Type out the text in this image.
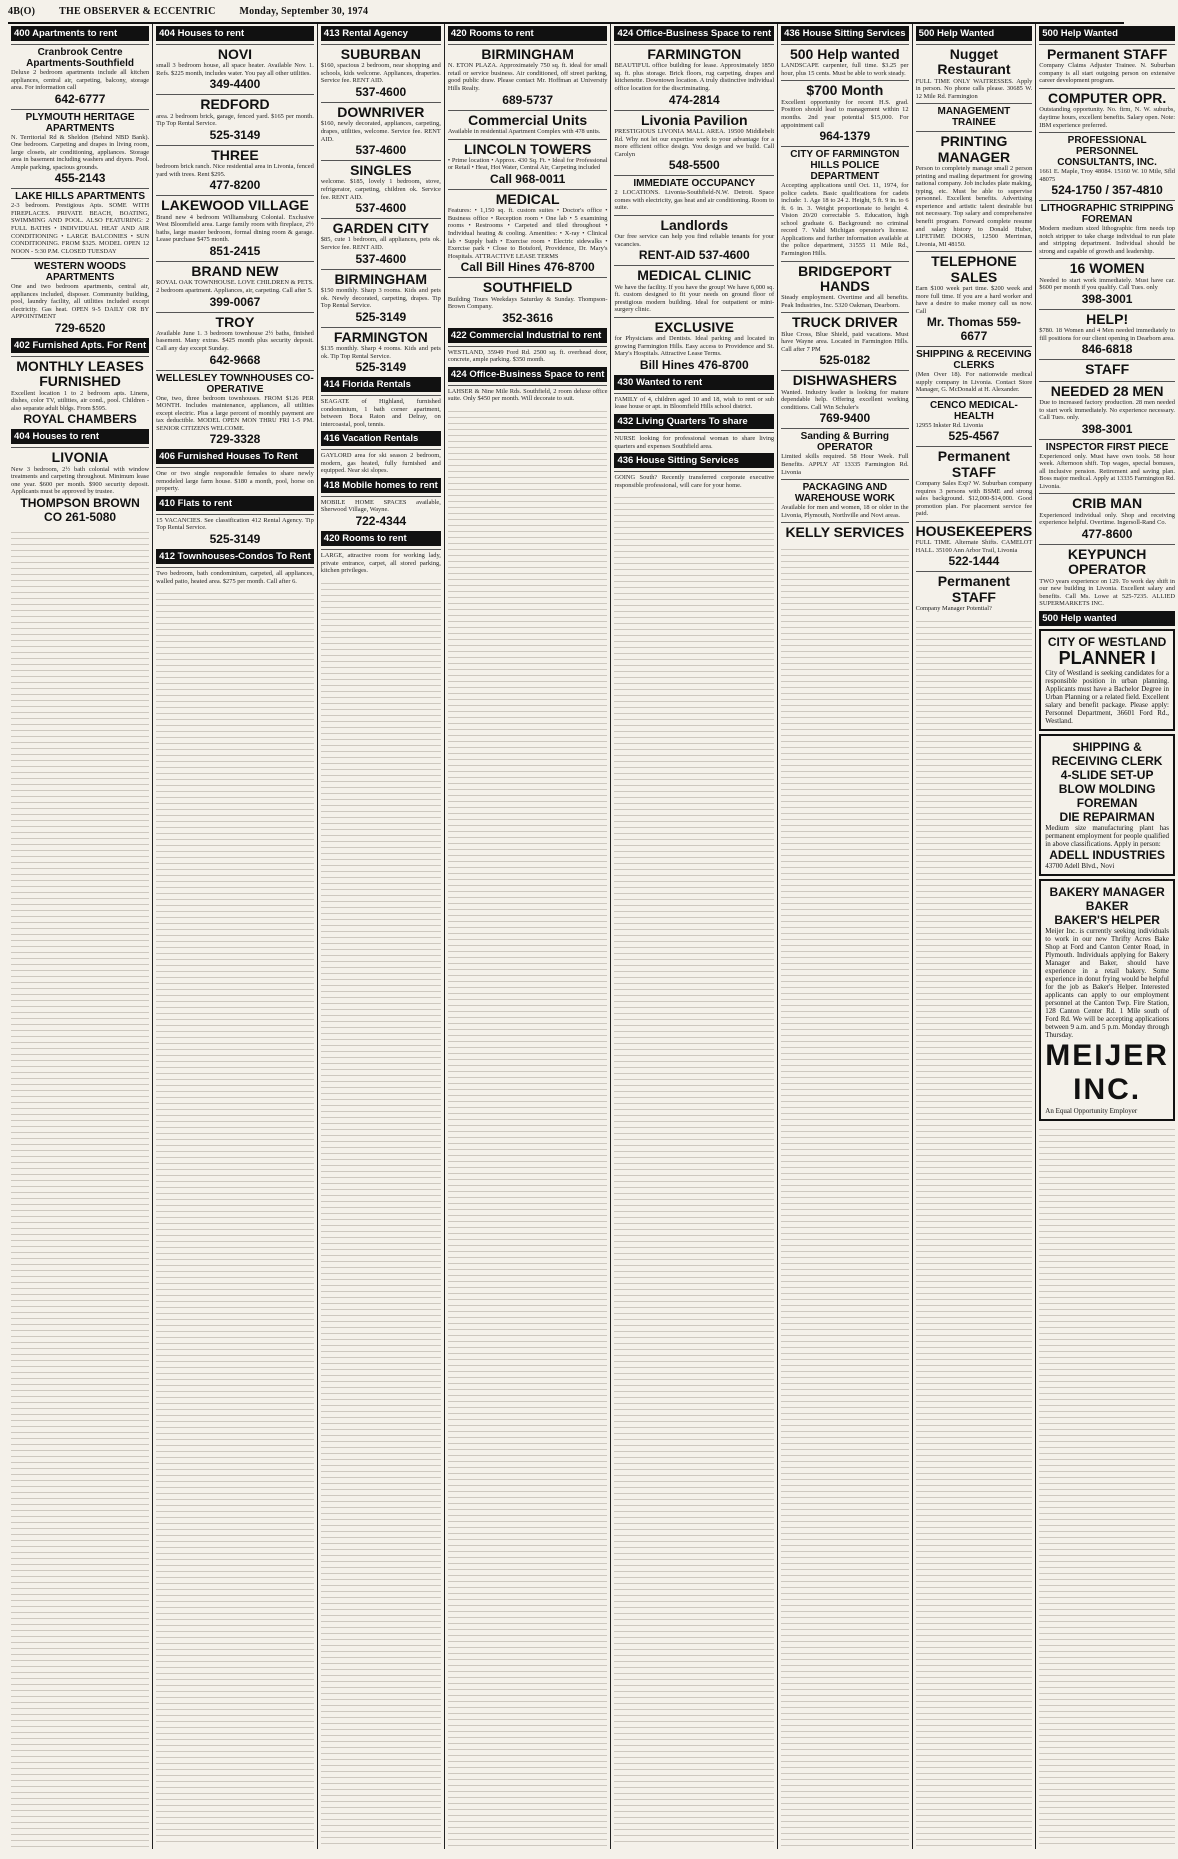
4B(O) THE OBSERVER & ECCENTRIC Monday, September 30, 1974
400 Apartments to rent
Cranbrook Centre Apartments-Southfield
Deluxe 2 bedroom apartments include all kitchen appliances, central air, carpeting, balcony, storage area. For information call
642-6777
PLYMOUTH HERITAGE APARTMENTS
N. Territorial Rd & Sheldon (Behind NBD Bank). One bedroom. Carpeting and drapes in living room, large closets, air conditioning, appliances. Storage area in basement including washers and dryers. Pool. Ample parking, spacious grounds.
455-2143
LAKE HILLS APARTMENTS
2-3 bedroom. Prestigious Apts. SOME WITH FIREPLACES. PRIVATE BEACH, BOATING, SWIMMING AND POOL. ALSO FEATURING: 2 FULL BATHS • INDIVIDUAL HEAT AND AIR CONDITIONING • LARGE BALCONIES • SUN CONDITIONING. FROM $325. MODEL OPEN 12 NOON - 5:30 P.M. CLOSED TUESDAY
WESTERN WOODS APARTMENTS
One and two bedroom apartments, central air, appliances included, disposer. Community building, pool, laundry facility, all utilities included except electricity. Gas heat. OPEN 9-5 DAILY OR BY APPOINTMENT
729-6520
402 Furnished Apts. For Rent
MONTHLY LEASES FURNISHED
Excellent location 1 to 2 bedroom apts. Linens, dishes, color TV, utilities, air cond., pool. Children - also separate adult bldgs. From $595.
ROYAL CHAMBERS
404 Houses to rent
LIVONIA
New 3 bedroom, 2½ bath colonial with window treatments and carpeting throughout. Minimum lease one year. $600 per month. $900 security deposit. Applicants must be approved by trustee.
THOMPSON BROWN CO 261-5080
404 Houses to rent
NOVI
small 3 bedroom house, all space heater. Available Nov. 1. Refs. $225 month, includes water. You pay all other utilities.
349-4400
REDFORD
area. 2 bedroom brick, garage, fenced yard. $165 per month. Tip Top Rental Service.
525-3149
THREE
bedroom brick ranch. Nice residential area in Livonia, fenced yard with trees. Rent $295.
477-8200
LAKEWOOD VILLAGE
Brand new 4 bedroom Williamsburg Colonial. Exclusive West Bloomfield area. Large family room with fireplace, 2½ baths, large master bedroom, formal dining room & garage. Lease purchase $475 month.
851-2415
BRAND NEW
ROYAL OAK TOWNHOUSE. LOVE CHILDREN & PETS. 2 bedroom apartment. Appliances, air, carpeting. Call after 5.
399-0067
TROY
Available June 1. 3 bedroom townhouse 2½ baths, finished basement. Many extras. $425 month plus security deposit. Call any day except Sunday.
642-9668
WELLESLEY TOWNHOUSES CO-OPERATIVE
One, two, three bedroom townhouses. FROM $126 PER MONTH. Includes maintenance, appliances, all utilities except electric. Plus a large percent of monthly payment are tax deductible. MODEL OPEN MON THRU FRI 1-5 PM. SENIOR CITIZENS WELCOME.
729-3328
406 Furnished Houses To Rent
One or two single responsible females to share newly remodeled large farm house. $180 a month, pool, horse on property.
410 Flats to rent
15 VACANCIES. See classification 412 Rental Agency. Tip Top Rental Service.
525-3149
412 Townhouses-Condos To Rent
Two bedroom, bath condominium, carpeted, all appliances, walled patio, heated area. $275 per month. Call after 6.
413 Rental Agency
SUBURBAN
$160, spacious 2 bedroom, near shopping and schools, kids welcome. Appliances, draperies. Service fee. RENT AID.
537-4600
DOWNRIVER
$160, newly decorated, appliances, carpeting, drapes, utilities, welcome. Service fee. RENT AID.
537-4600
SINGLES
welcome. $185, lovely 1 bedroom, stove, refrigerator, carpeting, children ok. Service fee. RENT AID.
537-4600
GARDEN CITY
$85, cute 1 bedroom, all appliances, pets ok. Service fee. RENT AID.
537-4600
BIRMINGHAM
$150 monthly. Sharp 3 rooms. Kids and pets ok. Newly decorated, carpeting, drapes. Tip Top Rental Service.
525-3149
FARMINGTON
$135 monthly. Sharp 4 rooms. Kids and pets ok. Tip Top Rental Service.
525-3149
414 Florida Rentals
SEAGATE of Highland, furnished condominium, 1 bath corner apartment, between Boca Raton and Delray, on intercoastal, pool, tennis.
416 Vacation Rentals
GAYLORD area for ski season 2 bedroom, modern, gas heated, fully furnished and equipped. Near ski slopes.
418 Mobile homes to rent
MOBILE HOME SPACES available, Sherwood Village, Wayne.
722-4344
420 Rooms to rent
LARGE, attractive room for working lady, private entrance, carpet, all stored parking, kitchen privileges.
420 Rooms to rent
BIRMINGHAM
N. ETON PLAZA. Approximately 750 sq. ft. ideal for small retail or service business. Air conditioned, off street parking, good public draw. Please contact Mr. Hoffman at University Hills Realty.
689-5737
Commercial Units
Available in residential Apartment Complex with 478 units.
LINCOLN TOWERS
• Prime location • Approx. 430 Sq. Ft. • Ideal for Professional or Retail • Heat, Hot Water, Central Air, Carpeting included
Call 968-0011
MEDICAL
Features: • 1,150 sq. ft. custom suites • Doctor's office • Business office • Reception room • One lab • 5 examining rooms • Restrooms • Carpeted and tiled throughout • Individual heating & cooling. Amenities: • X-ray • Clinical lab • Supply bath • Exercise room • Electric sidewalks • Exercise park • Close to Botsford, Providence, Dr. Mary's Hospitals. ATTRACTIVE LEASE TERMS
Call Bill Hines 476-8700
SOUTHFIELD
Building Tours Weekdays Saturday & Sunday. Thompson-Brown Company.
352-3616
422 Commercial Industrial to rent
WESTLAND, 35949 Ford Rd. 2500 sq. ft. overhead door, concrete, ample parking. $350 month.
424 Office-Business Space to rent
LAHSER & Nine Mile Rds. Southfield, 2 room deluxe office suite. Only $450 per month. Will decorate to suit.
424 Office-Business Space to rent
FARMINGTON
BEAUTIFUL office building for lease. Approximately 1850 sq. ft. plus storage. Brick floors, rug carpeting, drapes and kitchenette. Downtown location. A truly distinctive individual office location for the discriminating.
474-2814
Livonia Pavilion
PRESTIGIOUS LIVONIA MALL AREA. 19500 Middlebelt Rd. Why not let our expertise work to your advantage for a more efficient office design. You design and we build. Call Carolyn
548-5500
IMMEDIATE OCCUPANCY
2 LOCATIONS. Livonia-Southfield-N.W. Detroit. Space comes with electricity, gas heat and air conditioning. Room to suite.
Landlords
Our free service can help you find reliable tenants for your vacancies.
RENT-AID 537-4600
MEDICAL CLINIC
We have the facility. If you have the group! We have 6,000 sq. ft. custom designed to fit your needs on ground floor of prestigious modern building. Ideal for outpatient or mini-surgery clinic.
EXCLUSIVE
for Physicians and Dentists. Ideal parking and located in growing Farmington Hills. Easy access to Providence and St. Mary's Hospitals. Attractive Lease Terms.
Bill Hines 476-8700
430 Wanted to rent
FAMILY of 4, children aged 10 and 18, wish to rent or sub lease house or apt. in Bloomfield Hills school district.
432 Living Quarters To share
NURSE looking for professional woman to share living quarters and expenses Southfield area.
436 House Sitting Services
GOING South? Recently transferred corporate executive responsible professional, will care for your home.
436 House Sitting Services
500 Help wanted
LANDSCAPE carpenter, full time. $3.25 per hour, plus 15 cents. Must be able to work steady.
$700 Month
Excellent opportunity for recent H.S. grad. Position should lead to management within 12 months. 2nd year potential $15,000. For appointment call
964-1379
CITY OF FARMINGTON HILLS POLICE DEPARTMENT
Accepting applications until Oct. 11, 1974, for police cadets. Basic qualifications for cadets include: 1. Age 18 to 24 2. Height, 5 ft. 9 in. to 6 ft. 6 in. 3. Weight proportionate to height 4. Vision 20/20 correctable 5. Education, high school graduate 6. Background: no criminal record 7. Valid Michigan operator's license. Applications and further information available at the police department, 31555 11 Mile Rd., Farmington Hills.
BRIDGEPORT HANDS
Steady employment. Overtime and all benefits. Peak Industries, Inc. 5320 Oakman, Dearborn.
TRUCK DRIVER
Blue Cross, Blue Shield, paid vacations. Must have Wayne area. Located in Farmington Hills. Call after 7 PM
525-0182
DISHWASHERS
Wanted. Industry leader is looking for mature dependable help. Offering excellent working conditions. Call Win Schuler's
769-9400
Sanding & Burring OPERATOR
Limited skills required. 58 Hour Week. Full Benefits. APPLY AT 13335 Farmington Rd. Livonia
PACKAGING AND WAREHOUSE WORK
Available for men and women, 18 or older in the Livonia, Plymouth, Northville and Novi areas.
KELLY SERVICES
500 Help Wanted
Nugget Restaurant
FULL TIME ONLY WAITRESSES. Apply in person. No phone calls please. 30685 W. 12 Mile Rd. Farmington
MANAGEMENT TRAINEE
PRINTING MANAGER
Person to completely manage small 2 person printing and mailing department for growing national company. Job includes plate making, typing, etc. Must be able to supervise personnel. Excellent benefits. Advertising experience and artistic talent desirable but not necessary. Top salary and comprehensive benefit program. Forward complete resume and salary history to Donald Huber, LIFETIME DOORS, 12500 Merriman, Livonia, MI 48150.
TELEPHONE SALES
Earn $100 week part time. $200 week and more full time. If you are a hard worker and have a desire to make money call us now. Call
Mr. Thomas 559-6677
SHIPPING & RECEIVING CLERKS
(Men Over 18). For nationwide medical supply company in Livonia. Contact Store Manager, G. McDonald at H. Alexander.
CENCO MEDICAL-HEALTH
12955 Inkster Rd. Livonia
525-4567
Permanent STAFF
Company Sales Exp? W. Suburban company requires 3 persons with BSME and strong sales background. $12,000-$14,000. Good promotion plan. For placement service fee paid.
HOUSEKEEPERS
FULL TIME. Alternate Shifts. CAMELOT HALL. 35100 Ann Arbor Trail, Livonia
522-1444
Permanent STAFF
Company Manager Potential?
500 Help Wanted
Permanent STAFF
Company Claims Adjuster Trainee. N. Suburban company is all start outgoing person on extensive career development program.
COMPUTER OPR.
Outstanding opportunity. No. firm, N. W. suburbs, daytime hours, excellent benefits. Salary open. Note: IBM experience preferred.
PROFESSIONAL PERSONNEL CONSULTANTS, INC.
1661 E. Maple, Troy 48084. 15160 W. 10 Mile, Sfld 48075
524-1750 / 357-4810
LITHOGRAPHIC STRIPPING FOREMAN
Modern medium sized lithographic firm needs top notch stripper to take charge individual to run plate and stripping department. Individual should be strong and capable of growth and leadership.
16 WOMEN
Needed to start work immediately. Must have car. $600 per month if you qualify. Call Tues. only
398-3001
HELP!
$780. 18 Women and 4 Men needed immediately to fill positions for our client opening in Dearborn area.
846-6818
STAFF
NEEDED 28 MEN
Due to increased factory production. 28 men needed to start work immediately. No experience necessary. Call Tues. only.
398-3001
INSPECTOR FIRST PIECE
Experienced only. Must have own tools. 58 hour week. Afternoon shift. Top wages, special bonuses, all inclusive pension. Retirement and saving plan. Boss major medical. Apply at 13335 Farmington Rd. Livonia.
CRIB MAN
Experienced individual only. Shop and receiving experience helpful. Overtime. Ingersoll-Rand Co.
477-8600
KEYPUNCH OPERATOR
TWO years experience on 129. To work day shift in our new building in Livonia. Excellent salary and benefits. Call Ms. Lowe at 525-7235. ALLIED SUPERMARKETS INC.
500 Help wanted
CITY OF WESTLAND
PLANNER I
City of Westland is seeking candidates for a responsible position in urban planning. Applicants must have a Bachelor Degree in Urban Planning or a related field. Excellent salary and benefit package. Please apply: Personnel Department, 36601 Ford Rd., Westland.
SHIPPING & RECEIVING CLERK
4-SLIDE SET-UP
BLOW MOLDING FOREMAN
DIE REPAIRMAN
Medium size manufacturing plant has permanent employment for people qualified in above classifications. Apply in person:
ADELL INDUSTRIES
43700 Adell Blvd., Novi
BAKERY MANAGER
BAKER
BAKER'S HELPER
Meijer Inc. is currently seeking individuals to work in our new Thrifty Acres Bake Shop at Ford and Canton Center Road, in Plymouth. Individuals applying for Bakery Manager and Baker, should have experience in a retail bakery. Some experience in donut frying would be helpful for the job as Baker's Helper. Interested applicants can apply to our employment personnel at the Canton Twp. Fire Station, 128 Canton Center Rd. 1 Mile south of Ford Rd. We will be accepting applications between 9 a.m. and 5 p.m. Monday through Thursday.
MEIJER INC.
An Equal Opportunity Employer
